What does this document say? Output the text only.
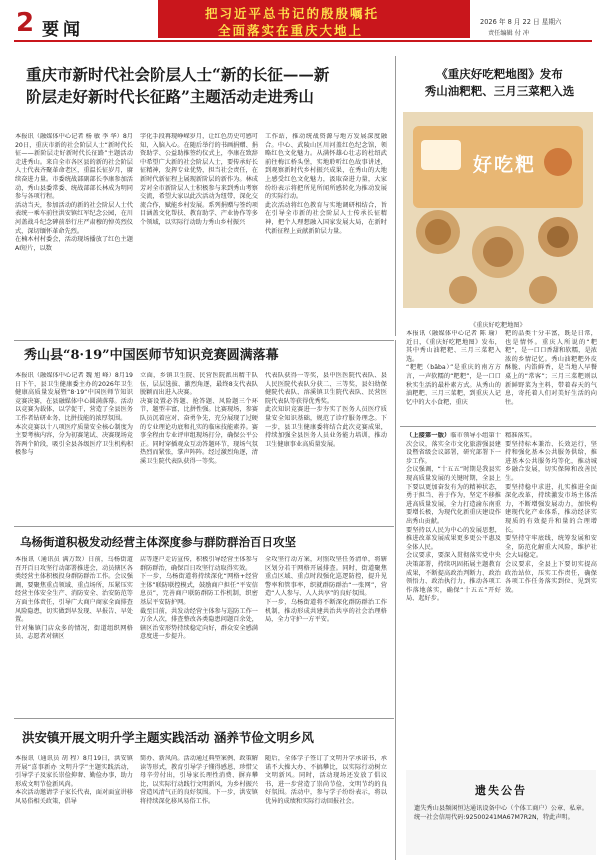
2 要闻
把习近平总书记的殷殷嘱托
全面落实在重庆大地上
2026 年 8 月 22 日 星期六
责任编辑 付 冲
重庆市新时代社会阶层人士“新的长征——新
阶层走好新时代长征路”主题活动走进秀山
本报讯（融媒体中心记者 杨 敏 李 华）8月20日，重庆市新的社会阶层人士“新时代长征——新阶层走好新时代长征路”主题活动走进秀山。来自全市各区县的新的社会阶层人士代表齐聚革命老区，重温长征岁月，赓续奋进力量。市委统战部副部长李康参加活动，秀山县委常委、统战部部长林成为明同参与各项行程。
活动当天，参加活动的新的社会阶层人士代表统一乘车前往洪安镇红军纪念公园，在川河盖战斗纪念碑前举行庄严肃穆的悼英烈仪式，深切缅怀革命先烈。
在楠木村村委会，活动现场播放了红色主题AI短片，以数
字化手段再现峥嵘岁月，让红色历史可感可知，入脑入心。在随后举行的书画捐赠、捐资助学、公益助推签约仪式上，李康在致辞中希望广大新的社会阶层人士，要传承好长征精神，发挥专业优势，担当社会责任，在新时代新征程上展现新阶层的新作为。林成芳对全市新阶层人士积极参与来到秀山考察交流，希望大家以此次活动为纽带，深化交流合作，赋能乡村发展。系列捐赠与签约项目涵盖文化帮扶、教育助学、产业协作等多个领域，以实际行动助力秀山乡村振兴
工作站，推动统战资源与地方发展深度融合。中心、武陵山区川河盖红色纪念馆，领略红色文化魅力。从满怀雄心壮志的杜绍武前往梅江桥头堡，实地聆听红色故事讲述，到观察新时代乡村振兴成果，在秀山的大地上感受红色文化魅力，汲取奋进力量，大家纷纷表示将把所见所闻所感转化为推动发展的实际行动。
此次活动将红色教育与实地调研相结合，旨在引导全市新的社会阶层人士传承长征精神，把个人理想融入国家发展大局，在新时代新征程上贡献新阶层力量。
《重庆好吃粑地图》发布
秀山油粑粑、三月三菜粑入选
好吃粑
《重庆好吃粑地图》
本报讯（融媒体中心记者 陈 瑜）近日，《重庆好吃粑地图》发布，其中秀山油粑粑、三月三菜粑入选。
“粑粑（bāba）”是重庆的南方方言，一声软糯的“粑粑”，是一口口秋实生活的最朴素方式。从秀山的油粑粑、三月三菜粑，到重庆人记忆中的大小食粑，重庆
粑的品类十分丰富，既是日常，也是情怀。重庆人所说的“粑粑”，是一口口香甜和软糯，是浓浓的乡情记忆。秀山油粑粑外皮酥脆、内馅鲜香，是当地人早餐桌上的“常客”；三月三菜粑则以新鲜野菜为主料，带着春天的气息，寄托着人们对美好生活的向往。
秀山县“8·19”中国医师节知识竞赛圆满落幕
本报讯（融媒体中心记者 魏 旭 峰）8月19日下午，县卫生健康委主办的2026年卫生健康高质量发展暨“8·19”中国医师节知识竞赛决赛，在县融媒体中心圆满落幕。活动以竞赛为载体，以学促干，营造了全县医务工作者钻研业务、比拼技能的浓厚氛围。
本次竞赛以十八项医疗质量安全核心制度为主要考核内容，分为初赛笔试、决赛现场竞答两个阶段，吸引全县各级医疗卫生机构积极参与
立面，乡镇卫生院、民营医院派出精干队伍，层层选拔、激烈角逐，最终8支代表队脱颖而出进入决赛。
决赛设置必答题、抢答题、风险题三个环节，题型丰富，比拼性强。比赛现场，参赛队员沉着应对、奋勇争先，充分展现了过硬的专业理论功底和扎实的临床技能素养。赛事全程由专业评审组现场打分，确保公平公正。同时穿插观众互动答题环节，现场气氛热烈而紧张，掌声阵阵。经过激烈角逐，清溪卫生院代表队获得一等奖。
代表队获得一等奖，县中医医院代表队、县人民医院代表队分获二、三等奖，县妇幼保健院代表队、溶溪镇卫生院代表队、民营医院代表队等获得优秀奖。
此次知识竞赛进一步夯实了医务人员医疗质量安全知识基础，规范了诊疗服务理念。下一步，县卫生健康委将结合此次竞赛成果，持续加强全县医务人员业务能力培训，推动卫生健康事业高质量发展。
乌杨街道积极发动经营主体深度参与群防群治百日攻坚
本报讯（通讯员 满万致）日前，乌杨街道召开百日攻坚行动部署推进会，动员辖区各类经营主体积极投身群防群治工作。会议强调，要聚焦重点领域、重点场所，压紧压实经营主体安全生产、消防安全、治安防范等方面主体责任，引导广大商户商家全面排查风险隐患，切实做到早发现、早报告、早处置。
针对集镇门店众多的情况，街道组织网格员、志愿者对辖区
店等逐户走访宣传，积极引导经营主体参与群防群治，确保百日攻坚行动取得实效。
下一步，乌杨街道将持续深化“网格+经营主体”联防联控模式，鼓励商户担任“平安信息员”，完善商户联防群防工作机制，织密基层平安防护网。
截至目前，共发动经营主体参与巡防工作一万余人次，排查整改各类隐患问题百余处，辖区治安形势持续稳定向好，群众安全感满意度进一步提升。
全攻坚行动方案，对照攻坚任务清单，将辖区划分若干网格开展排查。同时，街道聚焦重点区域、重点时段强化巡逻防控，提升见警率和管事率，织就群防群治“一张网”，营造“人人参与、人人共享”的良好氛围。
下一步，乌杨街道将不断深化群防群治工作机制，推动形成共建共治共享的社会治理格局，全力守护一方平安。
洪安镇开展文明升学主题实践活动 涵养节俭文明乡风
本报讯（通讯员 胡 程）8月19日，洪安镇开展“喜事新办 文明升学”主题实践活动，引导学子及家长崇俭抑奢、勤俭办事，助力形成文明节俭新风尚。
本次活动邀请学子家长代表，面对面宣讲移风易俗相关政策，倡导
简办、新风尚。活动通过典型案例、政策解读等形式，教育引导学子懂得感恩、珍惜父母辛劳付出，引导家长理性消费、摒弃攀比，以实际行动践行文明新风，为乡村振兴营造风清气正的良好氛围。下一步，洪安镇将持续深化移风易俗工作。
随后，全体学子签订了文明升学承诺书，承诺不大操大办、不搞攀比，以实际行动树立文明新风。同时，活动现场还发放了倡议书，进一步营造了崇尚节俭、文明节约的良好氛围。活动中，参与学子纷纷表示，将以优异的成绩和实际行动回报社会。
（上接第一版）临市领导小组第十次会议，落实全市文化旅游强县建设暨省级会议部署，研究部署下一步工作。
会议强调，“十五五”时期是我县实现高质量发展的关键时期，全县上下要以更加奋发有为的精神状态，勇于担当、善于作为，坚定不移推进高质量发展，全力打造渝东南重要增长极，为现代化新重庆建设作出秀山贡献。
要坚持以人民为中心的发展思想，推进改革发展成果更多更公平惠及全体人民。
会议要求，要深入贯彻落实党中央决策部署，持续巩固拓展主题教育成果，不断提高政治判断力、政治领悟力、政治执行力，推动各项工作落地落实，确保“十五五”开好局、起好步。
精准落实。
要坚持标本兼治、长效运行，坚持和强化基本公共服务供给，推进基本公共服务均等化，推动城乡融合发展，切实保障和改善民生。
要坚持稳中求进，扎实推进全面深化改革，持续激发市场主体活力，不断增强发展动力，加快构建现代化产业体系，推动经济实现质的有效提升和量的合理增长。
要坚持守牢底线，统筹发展和安全，防范化解重大风险，维护社会大局稳定。
会议要求，全县上下要切实提高政治站位，压实工作责任，确保各项工作任务落实到位、见到实效。
遗失公告
遗失秀山县频闲恒达通讯设备中心（个体工商户）公章、私章。统一社会信用代码:92500241MA67M7R2N，特此声明。
